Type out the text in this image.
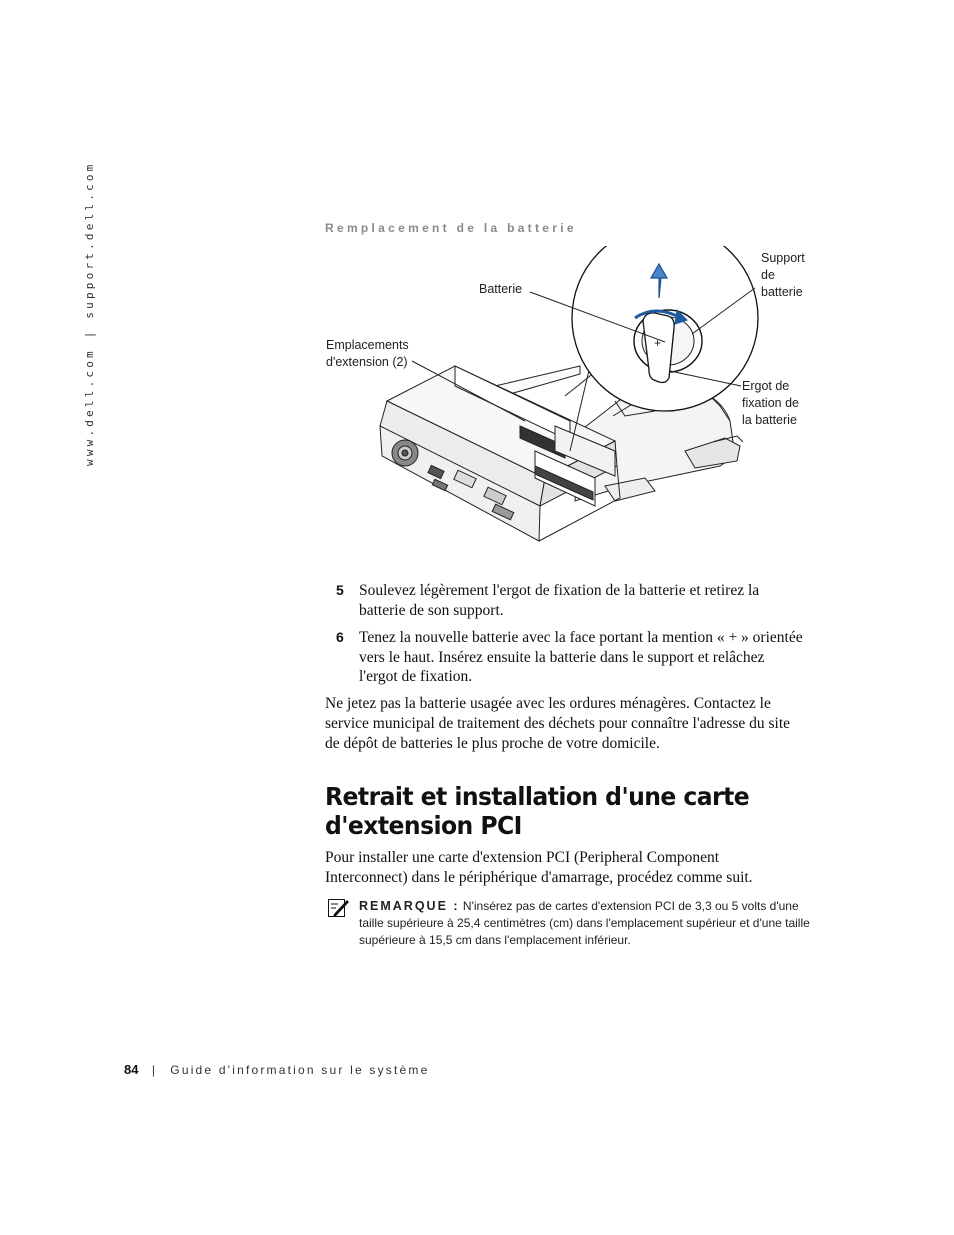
www.dell.com | support.dell.com	Remplacement de la batterie
+
Batterie
Support
de
batterie
Emplacements
d'extension (2)
Ergot de
fixation de
la batterie
5 Soulevez légèrement l'ergot de fixation de la batterie et retirez la batterie de son support.
6 Tenez la nouvelle batterie avec la face portant la mention « + » orientée vers le haut. Insérez ensuite la batterie dans le support et relâchez l'ergot de fixation.
Ne jetez pas la batterie usagée avec les ordures ménagères. Contactez le service municipal de traitement des déchets pour connaître l'adresse du site de dépôt de batteries le plus proche de votre domicile.
Retrait et installation d'une carte d'extension PCI
Pour installer une carte d'extension PCI (Peripheral Component Interconnect) dans le périphérique d'amarrage, procédez comme suit.
REMARQUE : N'insérez pas de cartes d'extension PCI de 3,3 ou 5 volts d'une taille supérieure à 25,4 centimètres (cm) dans l'emplacement supérieur et d'une taille supérieure à 15,5 cm dans l'emplacement inférieur.
84 | Guide d'information sur le système
